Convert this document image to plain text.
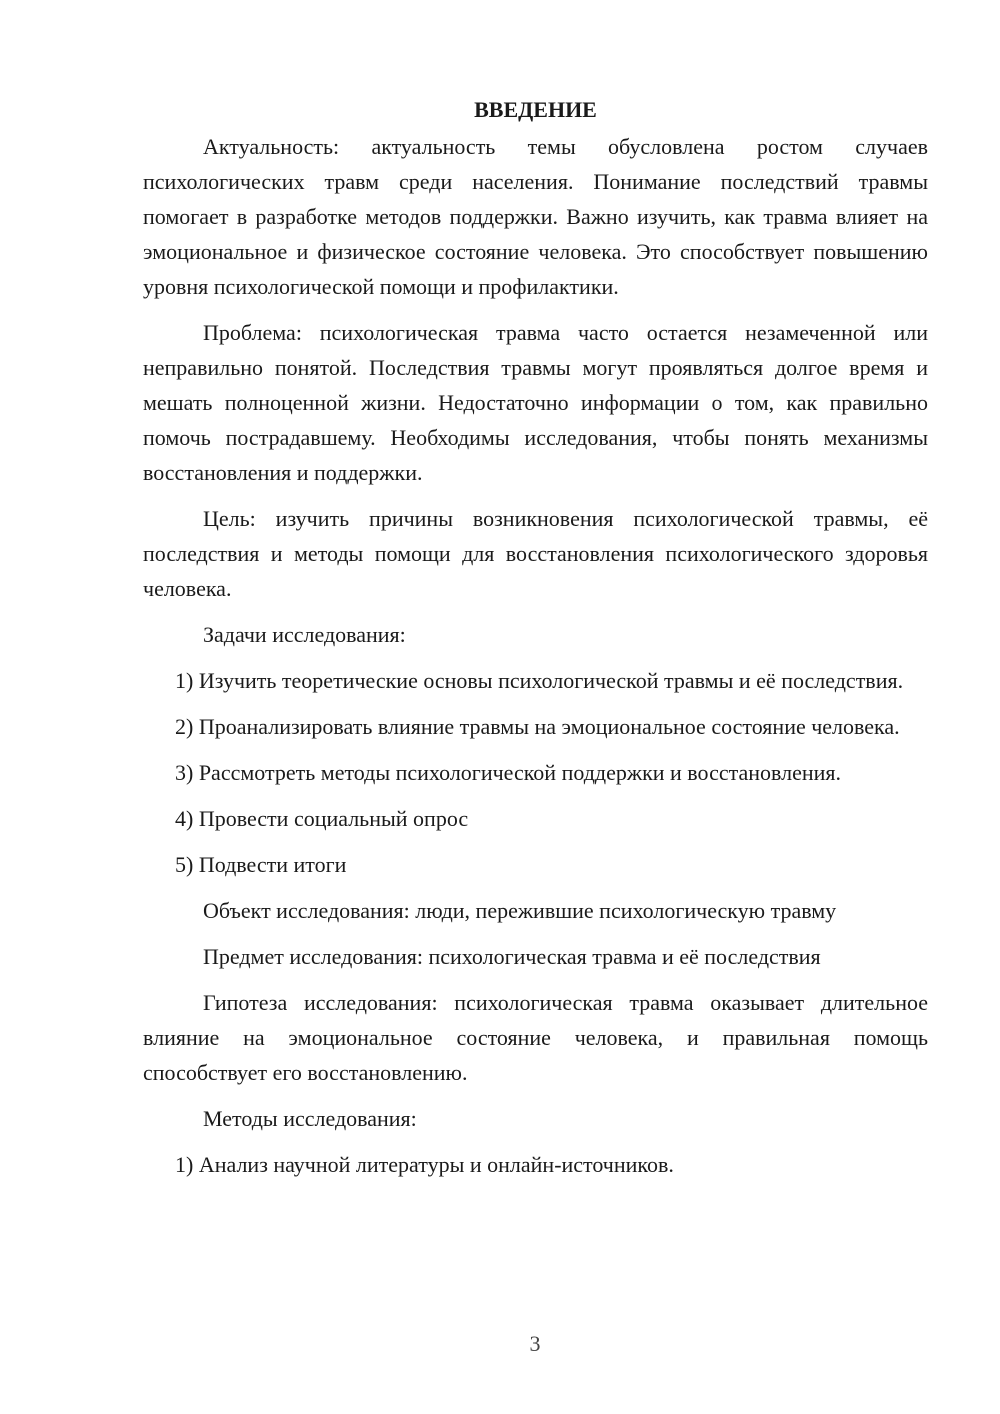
ВВЕДЕНИЕ

Актуальность: актуальность темы обусловлена ростом случаев психологических травм среди населения. Понимание последствий травмы помогает в разработке методов поддержки. Важно изучить, как травма влияет на эмоциональное и физическое состояние человека. Это способствует повышению уровня психологической помощи и профилактики.

Проблема: психологическая травма часто остается незамеченной или неправильно понятой. Последствия травмы могут проявляться долгое время и мешать полноценной жизни. Недостаточно информации о том, как правильно помочь пострадавшему. Необходимы исследования, чтобы понять механизмы восстановления и поддержки.

Цель: изучить причины возникновения психологической травмы, её последствия и методы помощи для восстановления психологического здоровья человека.

Задачи исследования:

1) Изучить теоретические основы психологической травмы и её последствия.

2) Проанализировать влияние травмы на эмоциональное состояние человека.

3) Рассмотреть методы психологической поддержки и восстановления.

4) Провести социальный опрос

5) Подвести итоги

Объект исследования: люди, пережившие психологическую травму

Предмет исследования: психологическая травма и её последствия

Гипотеза исследования: психологическая травма оказывает длительное влияние на эмоциональное состояние человека, и правильная помощь способствует его восстановлению.

Методы исследования:

1) Анализ научной литературы и онлайн-источников.

3
